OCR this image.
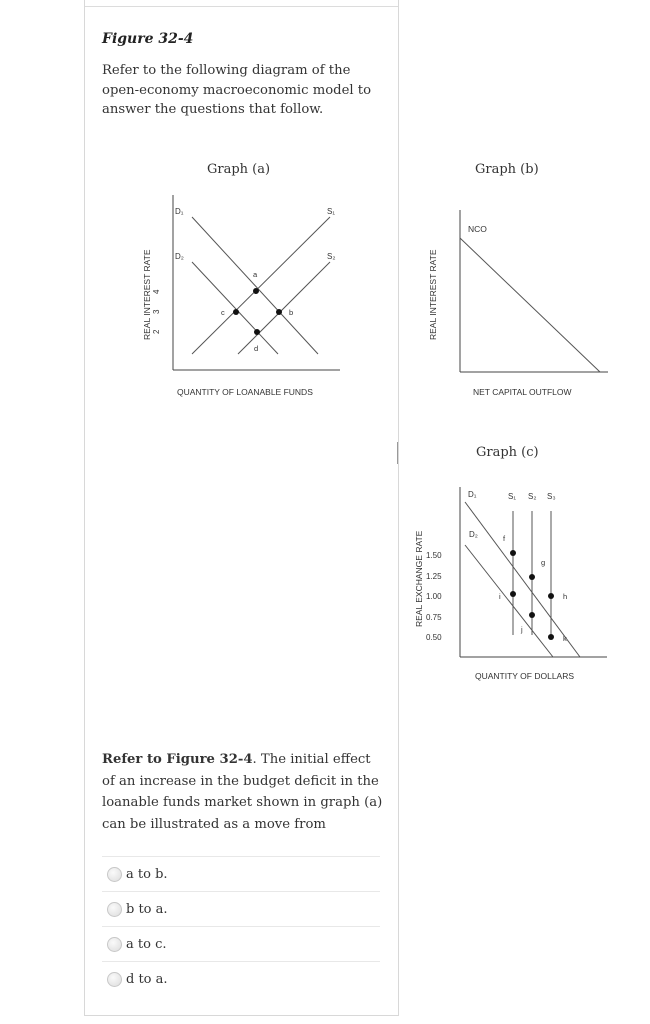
Figure 32-4

Refer to the following diagram of the open-economy macroeconomic model to answer the questions that follow.

Graph (a)	Graph (b)
Graph (c)
REAL INTEREST RATE 4
3
2
D₁
D₂
S₁
S₂
a
b
c
d
QUANTITY OF LOANABLE FUNDS
REAL INTEREST RATE
NCO
NET CAPITAL OUTFLOW
REAL EXCHANGE RATE 1.50
1.25
1.00
0.75
0.50
D₁
D₂
S₁ S₂ S₃
f
g
h
i
j
k
QUANTITY OF DOLLARS

Refer to Figure 32-4. The initial effect of an increase in the budget deficit in the loanable funds market shown in graph (a) can be illustrated as a move from

a to b.
b to a.
a to c.
d to a.
